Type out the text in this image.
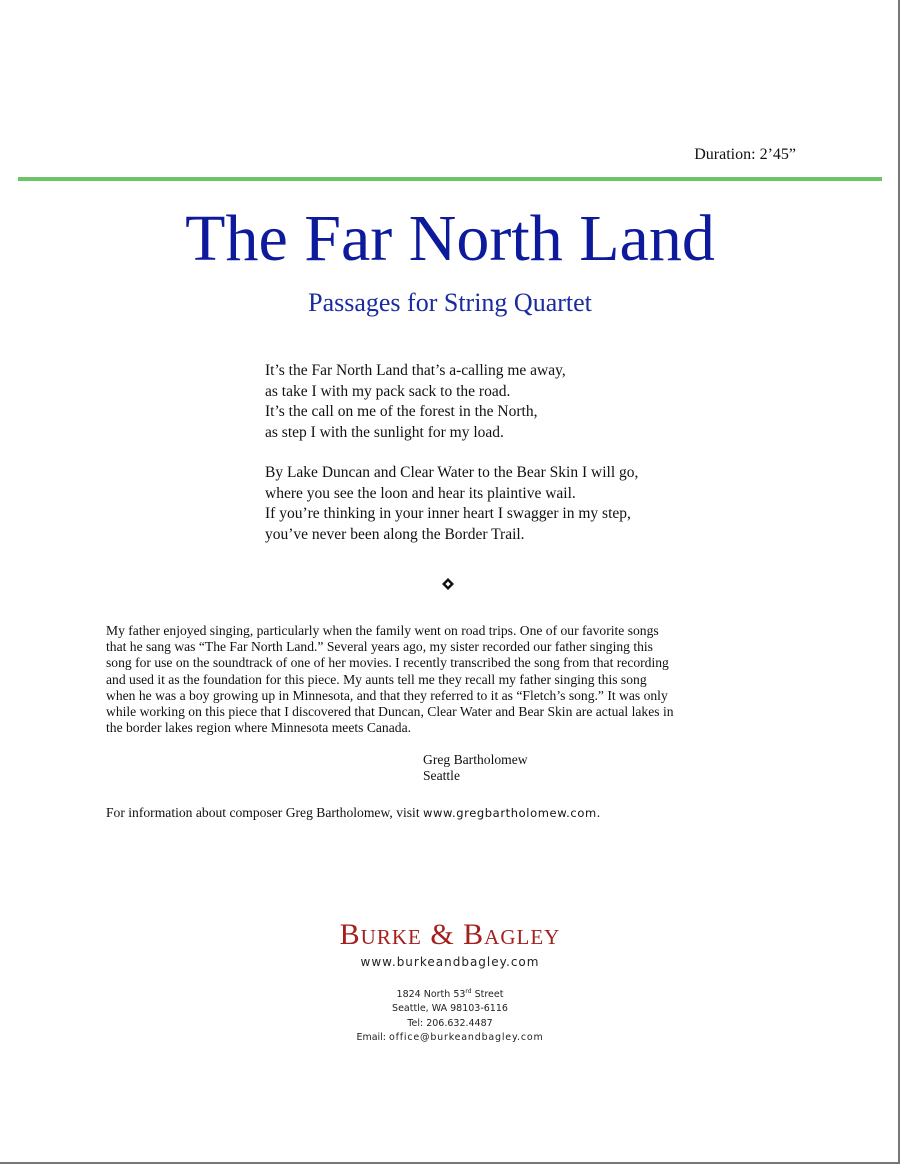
Duration: 2’45”
The Far North Land
Passages for String Quartet
It’s the Far North Land that’s a-calling me away,
as take I with my pack sack to the road.
It’s the call on me of the forest in the North,
as step I with the sunlight for my load.
By Lake Duncan and Clear Water to the Bear Skin I will go,
where you see the loon and hear its plaintive wail.
If you’re thinking in your inner heart I swagger in my step,
you’ve never been along the Border Trail.
My father enjoyed singing, particularly when the family went on road trips. One of our favorite songs
that he sang was “The Far North Land.” Several years ago, my sister recorded our father singing this
song for use on the soundtrack of one of her movies. I recently transcribed the song from that recording
and used it as the foundation for this piece. My aunts tell me they recall my father singing this song
when he was a boy growing up in Minnesota, and that they referred to it as “Fletch’s song.” It was only
while working on this piece that I discovered that Duncan, Clear Water and Bear Skin are actual lakes in
the border lakes region where Minnesota meets Canada.
Greg Bartholomew
Seattle
For information about composer Greg Bartholomew, visit www.gregbartholomew.com.
Burke & Bagley
www.burkeandbagley.com
1824 North 53rd Street
Seattle, WA 98103-6116
Tel: 206.632.4487
Email: office@burkeandbagley.com
